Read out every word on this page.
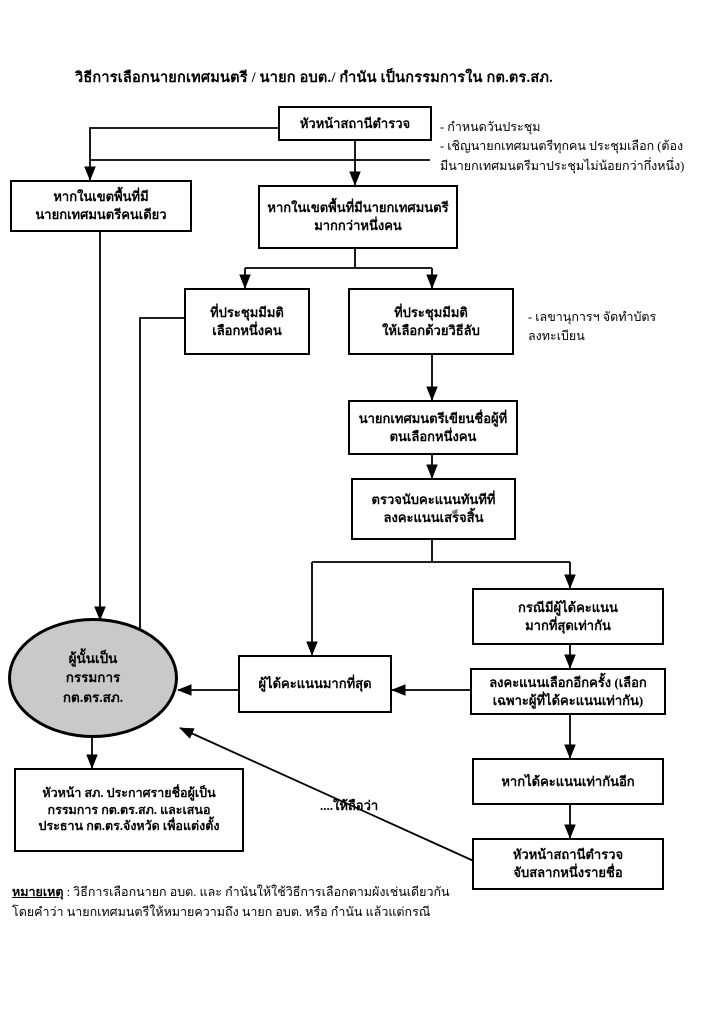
วิธีการเลือกนายกเทศมนตรี / นายก อบต./ กำนัน เป็นกรรมการใน กต.ตร.สภ.
หัวหน้าสถานีตำรวจ
หากในเขตพื้นที่มี
นายกเทศมนตรีคนเดียว	หากในเขตพื้นที่มีนายกเทศมนตรี
มากกว่าหนึ่งคน
ที่ประชุมมีมติ
เลือกหนึ่งคน
ที่ประชุมมีมติ
ให้เลือกด้วยวิธีลับ
นายกเทศมนตรีเขียนชื่อผู้ที่
ตนเลือกหนึ่งคน
ตรวจนับคะแนนทันทีที่
ลงคะแนนเสร็จสิ้น
กรณีมีผู้ได้คะแนน
มากที่สุดเท่ากัน
ผู้ได้คะแนนมากที่สุด	ลงคะแนนเลือกอีกครั้ง (เลือก
เฉพาะผู้ที่ได้คะแนนเท่ากัน)
หากได้คะแนนเท่ากันอีก
หัวหน้าสถานีตำรวจ
จับสลากหนึ่งรายชื่อ
หัวหน้า สภ. ประกาศรายชื่อผู้เป็น
กรรมการ กต.ตร.สภ. และเสนอ
ประธาน กต.ตร.จังหวัด เพื่อแต่งตั้ง
ผู้นั้นเป็น
กรรมการ
กต.ตร.สภ.
- กำหนดวันประชุม
- เชิญนายกเทศมนตรีทุกคน ประชุมเลือก (ต้อง
มีนายกเทศมนตรีมาประชุมไม่น้อยกว่ากึ่งหนึ่ง)
- เลขานุการฯ จัดทำบัตร
ลงทะเบียน
....ให้ถือว่า
หมายเหตุ : วิธีการเลือกนายก อบต. และ กำนันให้ใช้วิธีการเลือกตามผังเช่นเดียวกัน
โดยคำว่า นายกเทศมนตรีให้หมายความถึง นายก อบต. หรือ กำนัน แล้วแต่กรณี
